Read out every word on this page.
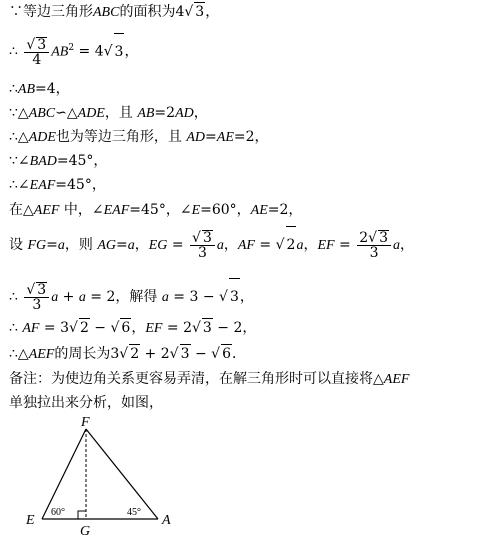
∵等边三角形ABC的面积为4√ 3，
∴ $\frac{√ 3}{4} AB^2 = 4√$ 3，
∴AB=4，
∵△ABC∽△ADE，且 AB=2AD，
∴△ADE也为等边三角形，且 AD=AE=2，
∵∠BAD=45°，
∴∠EAF=45°，
在△AEF 中，∠EAF=45°，∠E=60°，AE=2，
设 FG=a，则 AG=a，EG = $\frac{√ 3}{3}$ a，AF = √ 2a，EF = $\frac{2√ 3}{3}$ a，
∴ $\frac{√ 3}{3}$ a + a = 2，解得 a = 3 − √ 3，
∴ AF = 3√ 2 − √ 6，EF = 2√ 3 − 2，
∴△AEF的周长为3√ 2 + 2√ 3 − √ 6．
备注：为使边角关系更容易弄清，在解三角形时可以直接将△AEF
单独拉出来分析，如图，
F
E
G
A
60°	45°
